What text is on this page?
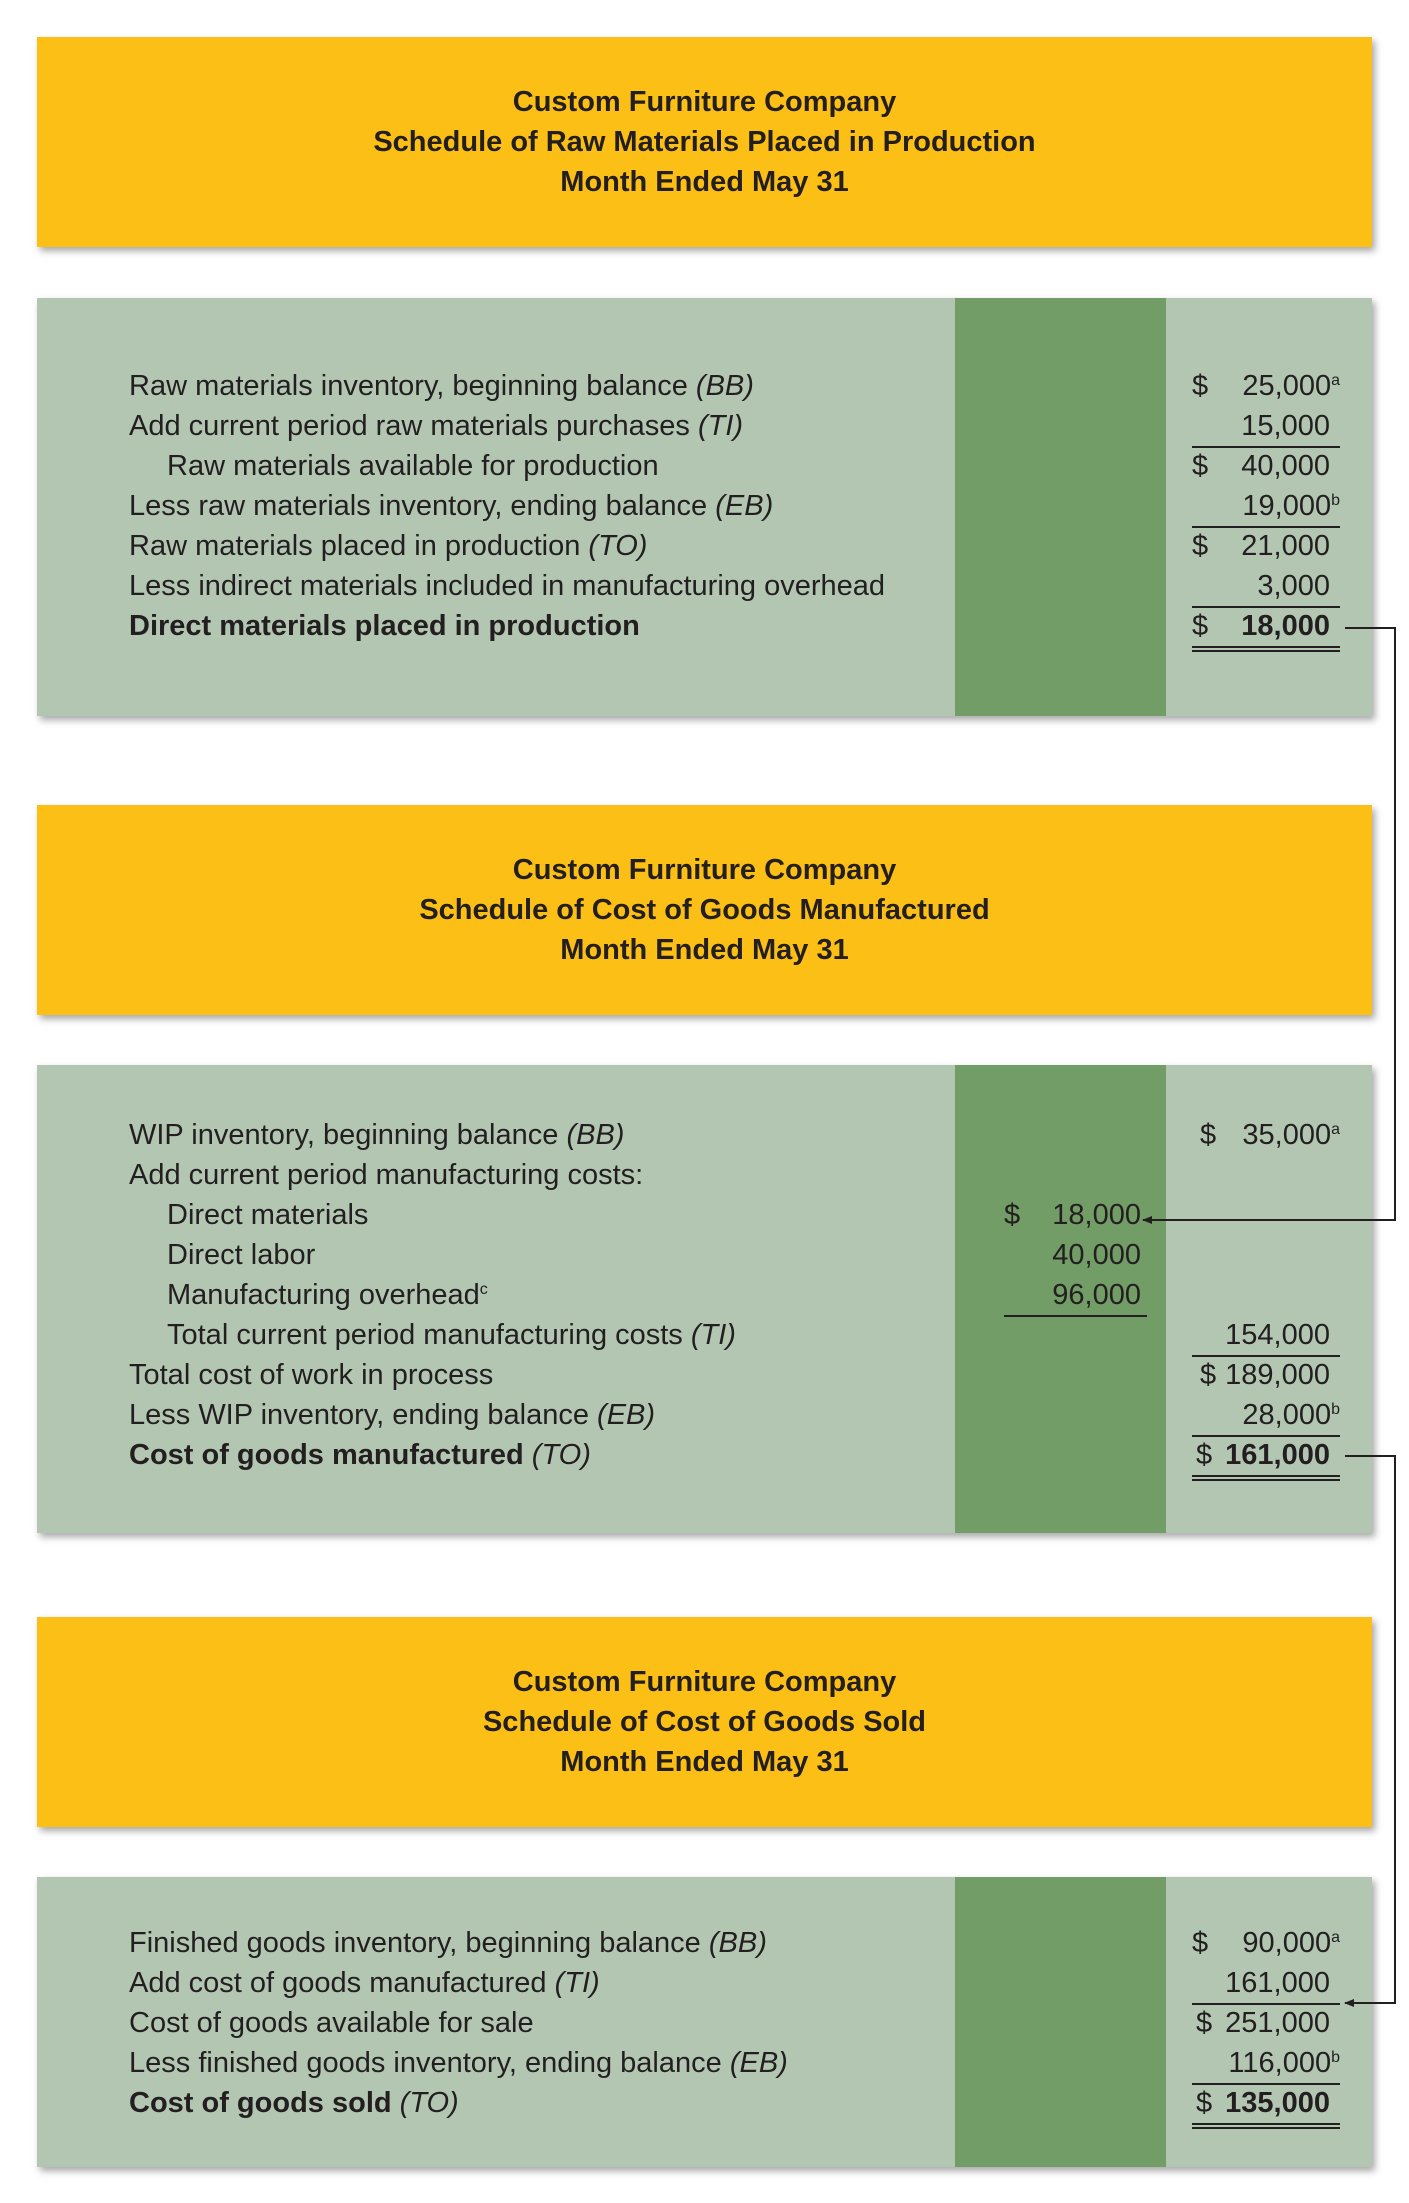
Custom Furniture Company
Schedule of Raw Materials Placed in Production
Month Ended May 31
Raw materials inventory, beginning balance (BB)
Add current period raw materials purchases (TI)
Raw materials available for production
Less raw materials inventory, ending balance (EB)
Raw materials placed in production (TO)
Less indirect materials included in manufacturing overhead
Direct materials placed in production
$ 25,000$^a$
15,000
$ 40,000
19,000$^b$
$ 21,000
3,000
$ 18,000
Custom Furniture Company
Schedule of Cost of Goods Manufactured
Month Ended May 31
WIP inventory, beginning balance (BB)
Add current period manufacturing costs:
Direct materials
Direct labor
Manufacturing overhead$^c$
Total current period manufacturing costs (TI)
Total cost of work in process
Less WIP inventory, ending balance (EB)
Cost of goods manufactured (TO)
$ 18,000
40,000
96,000
$ 35,000$^a$
154,000
$ 189,000
28,000$^b$
$ 161,000
Custom Furniture Company
Schedule of Cost of Goods Sold
Month Ended May 31
Finished goods inventory, beginning balance (BB)
Add cost of goods manufactured (TI)
Cost of goods available for sale
Less finished goods inventory, ending balance (EB)
Cost of goods sold (TO)
$ 90,000$^a$
161,000
$ 251,000
116,000$^b$
$ 135,000
